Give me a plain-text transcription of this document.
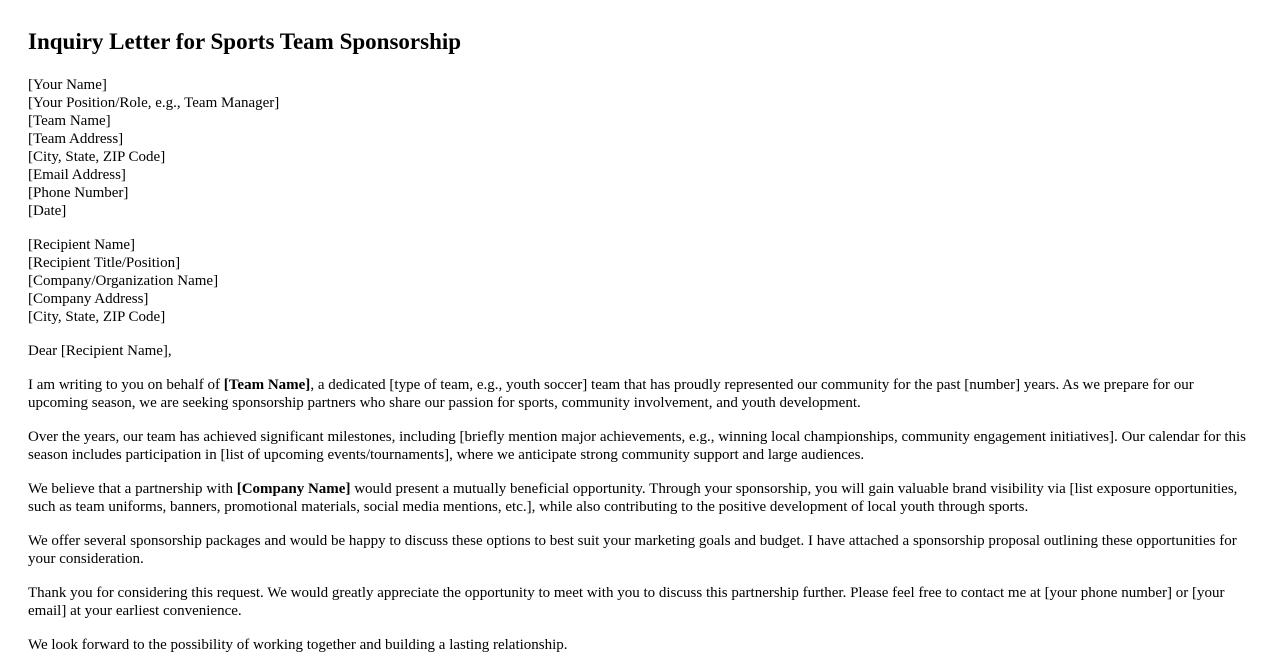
Inquiry Letter for Sports Team Sponsorship
[Your Name]
[Your Position/Role, e.g., Team Manager]
[Team Name]
[Team Address]
[City, State, ZIP Code]
[Email Address]
[Phone Number]
[Date]
[Recipient Name]
[Recipient Title/Position]
[Company/Organization Name]
[Company Address]
[City, State, ZIP Code]
Dear [Recipient Name],

I am writing to you on behalf of [Team Name], a dedicated [type of team, e.g., youth soccer] team that has proudly represented our community for the past [number] years. As we prepare for our upcoming season, we are seeking sponsorship partners who share our passion for sports, community involvement, and youth development.

Over the years, our team has achieved significant milestones, including [briefly mention major achievements, e.g., winning local championships, community engagement initiatives]. Our calendar for this season includes participation in [list of upcoming events/tournaments], where we anticipate strong community support and large audiences.

We believe that a partnership with [Company Name] would present a mutually beneficial opportunity. Through your sponsorship, you will gain valuable brand visibility via [list exposure opportunities, such as team uniforms, banners, promotional materials, social media mentions, etc.], while also contributing to the positive development of local youth through sports.

We offer several sponsorship packages and would be happy to discuss these options to best suit your marketing goals and budget. I have attached a sponsorship proposal outlining these opportunities for your consideration.

Thank you for considering this request. We would greatly appreciate the opportunity to meet with you to discuss this partnership further. Please feel free to contact me at [your phone number] or [your email] at your earliest convenience.

We look forward to the possibility of working together and building a lasting relationship.
